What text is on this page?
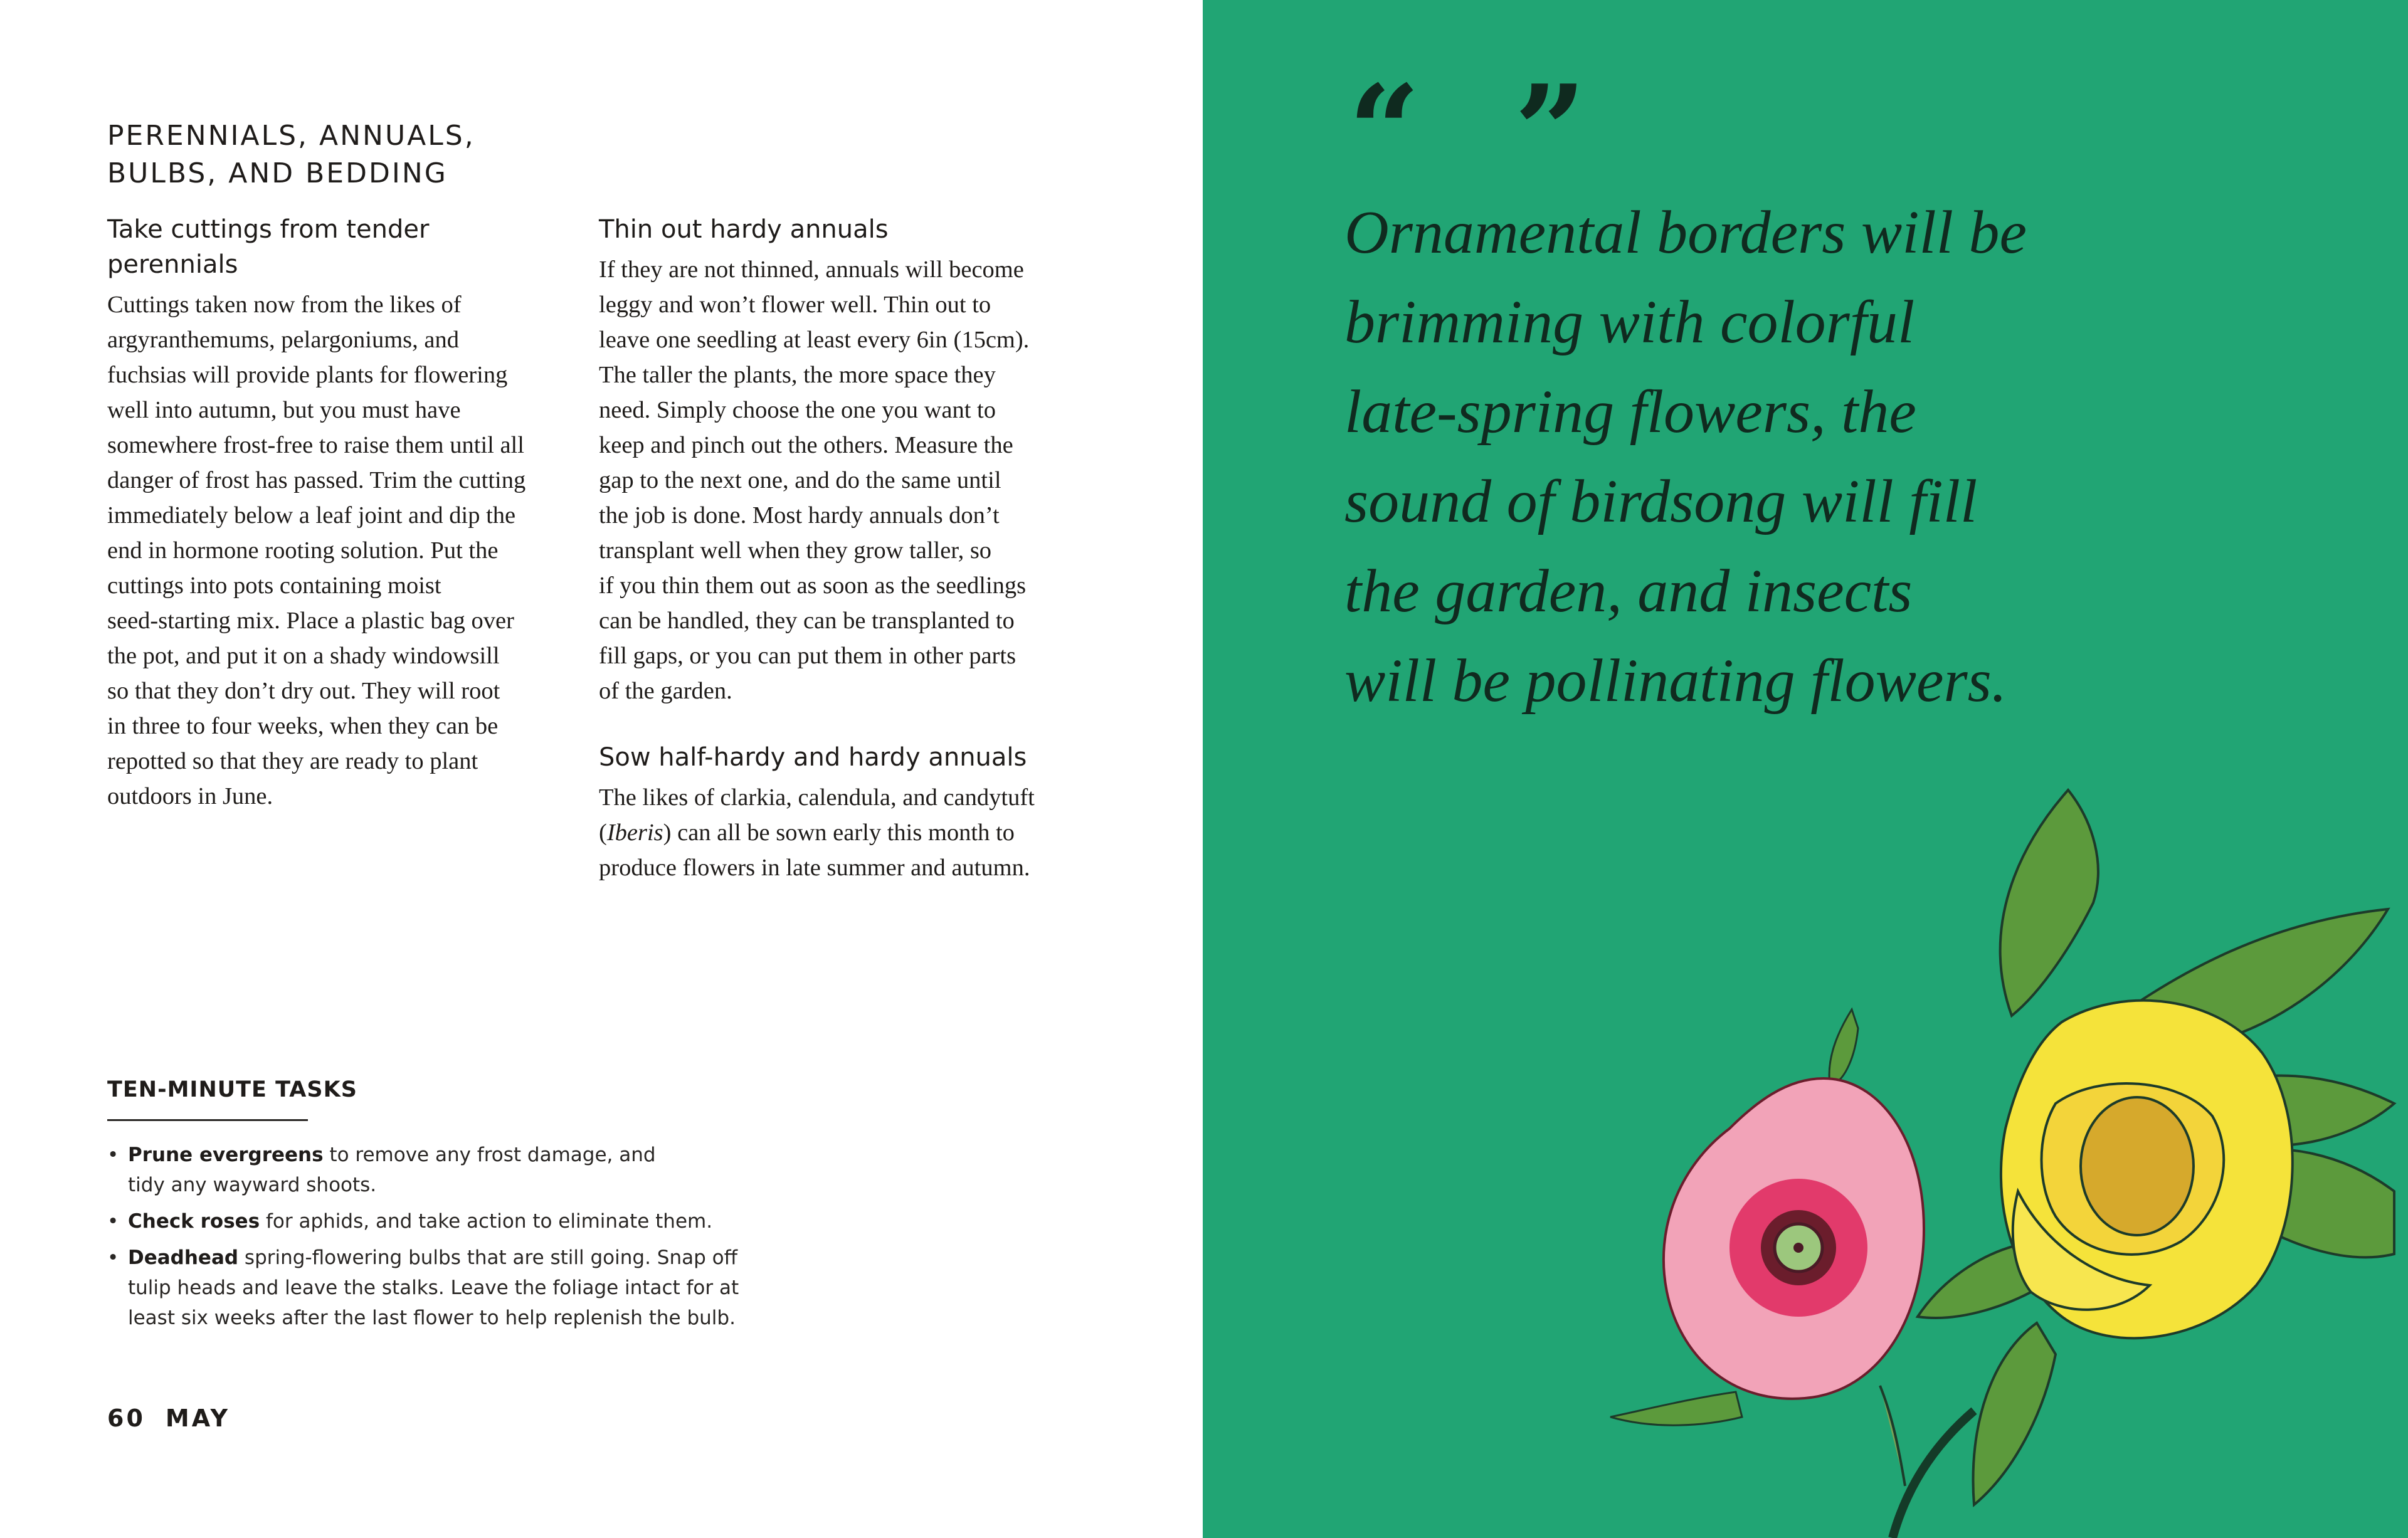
PERENNIALS, ANNUALS,
BULBS, AND BEDDING
Take cuttings from tender perennials

Cuttings taken now from the likes of
argyranthemums, pelargoniums, and
fuchsias will provide plants for flowering
well into autumn, but you must have
somewhere frost-free to raise them until all
danger of frost has passed. Trim the cutting
immediately below a leaf joint and dip the
end in hormone rooting solution. Put the
cuttings into pots containing moist
seed-starting mix. Place a plastic bag over
the pot, and put it on a shady windowsill
so that they don’t dry out. They will root
in three to four weeks, when they can be
repotted so that they are ready to plant
outdoors in June.

Thin out hardy annuals

If they are not thinned, annuals will become
leggy and won’t flower well. Thin out to
leave one seedling at least every 6in (15cm).
The taller the plants, the more space they
need. Simply choose the one you want to
keep and pinch out the others. Measure the
gap to the next one, and do the same until
the job is done. Most hardy annuals don’t
transplant well when they grow taller, so
if you thin them out as soon as the seedlings
can be handled, they can be transplanted to
fill gaps, or you can put them in other parts
of the garden.

Sow half-hardy and hardy annuals

The likes of clarkia, calendula, and candytuft
(Iberis) can all be sown early this month to
produce flowers in late summer and autumn.

TEN-MINUTE TASKS
• Prune evergreens to remove any frost damage, and tidy any wayward shoots.
• Check roses for aphids, and take action to eliminate them.
• Deadhead spring-flowering bulbs that are still going. Snap off tulip heads and leave the stalks. Leave the foliage intact for at least six weeks after the last flower to help replenish the bulb.
60 MAY
“ ”
Ornamental borders will be
brimming with colorful
late-spring flowers, the
sound of birdsong will fill
the garden, and insects
will be pollinating flowers.
